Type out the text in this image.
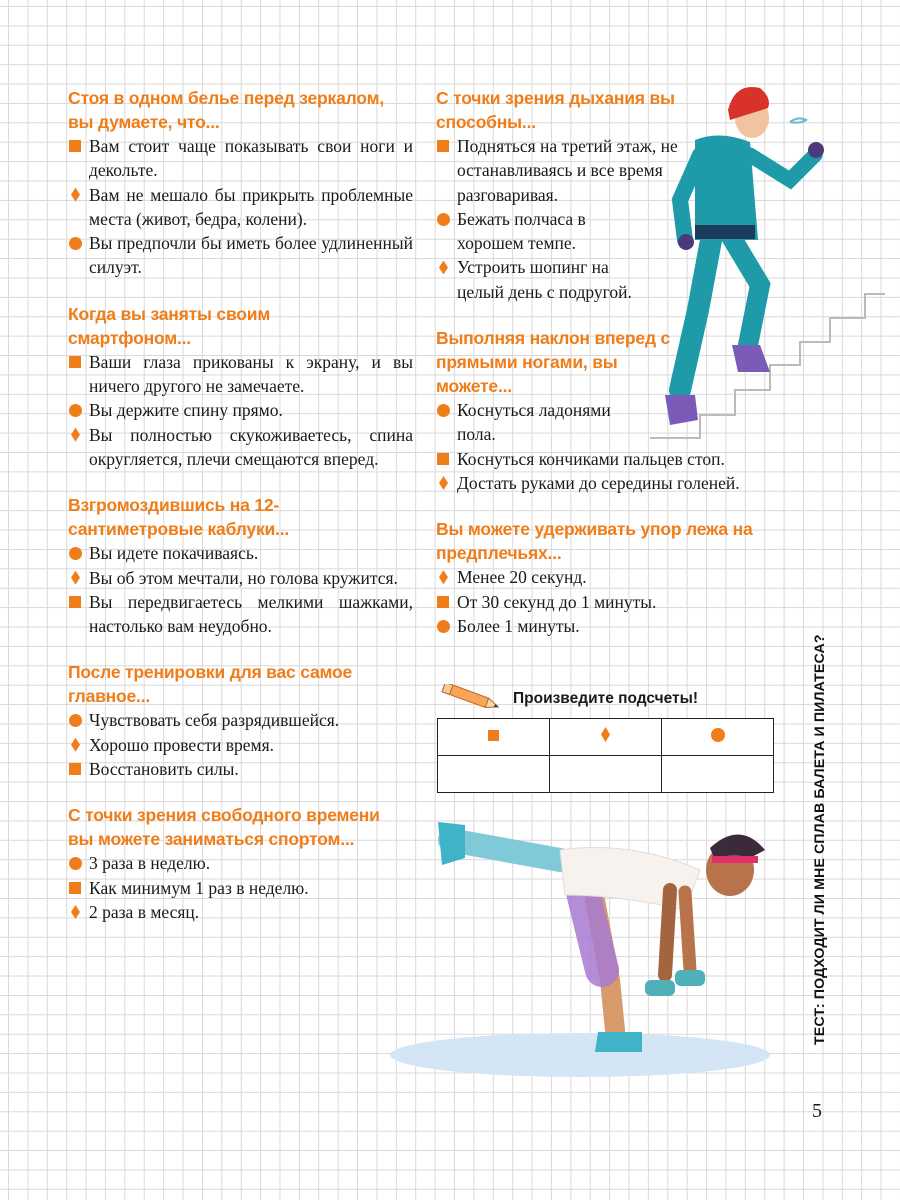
Стоя в одном белье перед зеркалом, вы думаете, что...
Вам стоит чаще показывать свои ноги и декольте.
Вам не мешало бы прикрыть проблемные места (живот, бедра, колени).
Вы предпочли бы иметь более удлиненный силуэт.
Когда вы заняты своим смартфоном...
Ваши глаза прикованы к экрану, и вы ничего другого не замечаете.
Вы держите спину прямо.
Вы полностью скукоживаетесь, спина округляется, плечи смещаются вперед.
Взгромоздившись на 12-сантиметровые каблуки...
Вы идете покачиваясь.
Вы об этом мечтали, но голова кружится.
Вы передвигаетесь мелкими шажками, настолько вам неудобно.
После тренировки для вас самое главное...
Чувствовать себя разрядившейся.
Хорошо провести время.
Восстановить силы.
С точки зрения свободного времени вы можете заниматься спортом...
3 раза в неделю.
Как минимум 1 раз в неделю.
2 раза в месяц.
С точки зрения дыхания вы способны...
Подняться на третий этаж, не останавливаясь и все время разговаривая.
Бежать полчаса в хорошем темпе.
Устроить шопинг на целый день с подругой.
Выполняя наклон вперед с прямыми ногами, вы можете...
Коснуться ладонями пола.
Коснуться кончиками пальцев стоп.
Достать руками до середины голеней.
Вы можете удерживать упор лежа на предплечьях...
Менее 20 секунд.
От 30 секунд до 1 минуты.
Более 1 минуты.
Произведите подсчеты!

			ТЕСТ: ПОДХОДИТ ЛИ МНЕ СПЛАВ БАЛЕТА И ПИЛАТЕСА?
5
